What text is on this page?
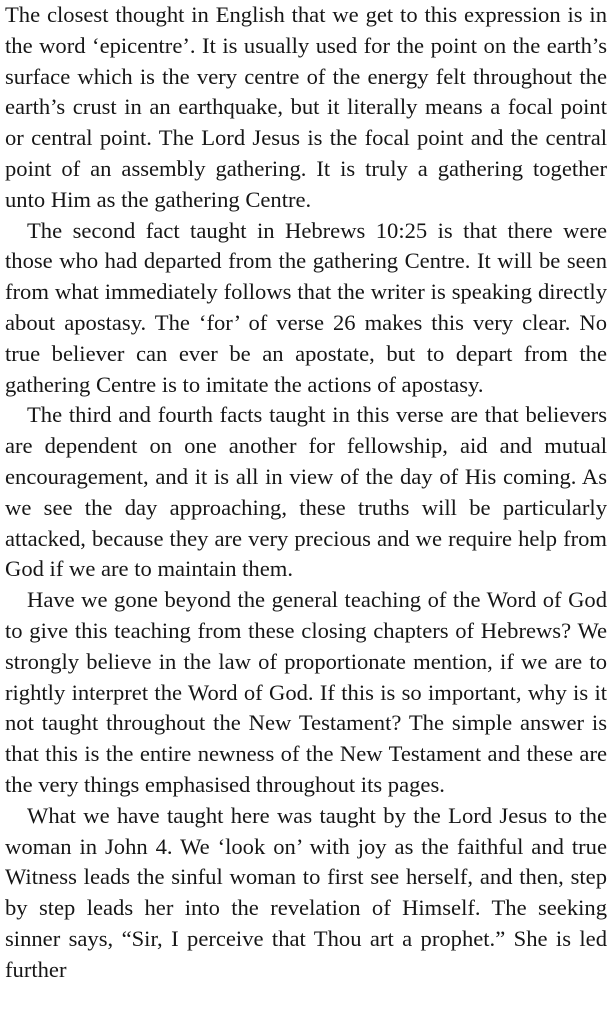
The closest thought in English that we get to this expression is in the word ‘epicentre’. It is usually used for the point on the earth’s surface which is the very centre of the energy felt throughout the earth’s crust in an earthquake, but it literally means a focal point or central point. The Lord Jesus is the focal point and the central point of an assembly gathering. It is truly a gathering together unto Him as the gathering Centre.

The second fact taught in Hebrews 10:25 is that there were those who had departed from the gathering Centre. It will be seen from what immediately follows that the writer is speaking directly about apostasy. The ‘for’ of verse 26 makes this very clear. No true believer can ever be an apostate, but to depart from the gathering Centre is to imitate the actions of apostasy.

The third and fourth facts taught in this verse are that believers are dependent on one another for fellowship, aid and mutual encouragement, and it is all in view of the day of His coming. As we see the day approaching, these truths will be particularly attacked, because they are very precious and we require help from God if we are to maintain them.

Have we gone beyond the general teaching of the Word of God to give this teaching from these closing chapters of Hebrews? We strongly believe in the law of proportionate mention, if we are to rightly interpret the Word of God. If this is so important, why is it not taught throughout the New Testament? The simple answer is that this is the entire newness of the New Testament and these are the very things emphasised throughout its pages.

What we have taught here was taught by the Lord Jesus to the woman in John 4. We ‘look on’ with joy as the faithful and true Witness leads the sinful woman to first see herself, and then, step by step leads her into the revelation of Himself. The seeking sinner says, “Sir, I perceive that Thou art a prophet.” She is led further
